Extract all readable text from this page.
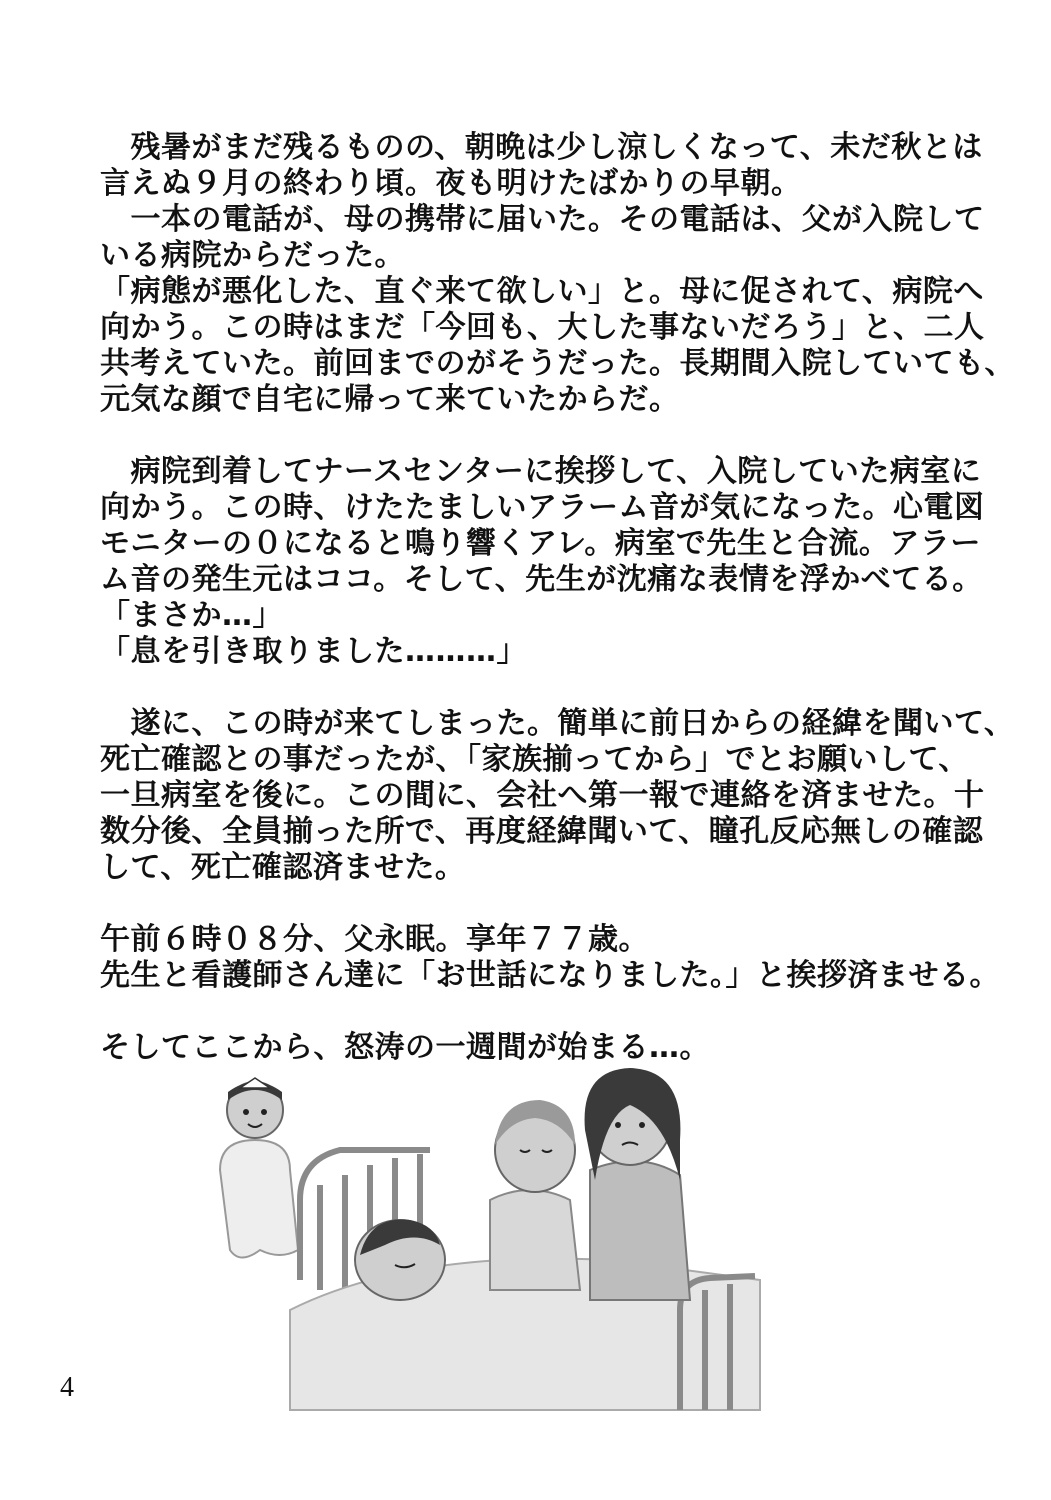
　残暑がまだ残るものの、朝晩は少し涼しくなって、未だ秋とは
言えぬ９月の終わり頃。夜も明けたばかりの早朝。
　一本の電話が、母の携帯に届いた。その電話は、父が入院して
いる病院からだった。
「病態が悪化した、直ぐ来て欲しい」と。母に促されて、病院へ
向かう。この時はまだ「今回も、大した事ないだろう」と、二人
共考えていた。前回までのがそうだった。長期間入院していても、
元気な顔で自宅に帰って来ていたからだ。
　病院到着してナースセンターに挨拶して、入院していた病室に
向かう。この時、けたたましいアラーム音が気になった。心電図
モニターの０になると鳴り響くアレ。病室で先生と合流。アラー
ム音の発生元はココ。そして、先生が沈痛な表情を浮かべてる。
「まさか…」
「息を引き取りました………」
　遂に、この時が来てしまった。簡単に前日からの経緯を聞いて、
死亡確認との事だったが、「家族揃ってから」でとお願いして、
一旦病室を後に。この間に、会社へ第一報で連絡を済ませた。十
数分後、全員揃った所で、再度経緯聞いて、瞳孔反応無しの確認
して、死亡確認済ませた。
午前６時０８分、父永眠。享年７７歳。
先生と看護師さん達に「お世話になりました。」と挨拶済ませる。
そしてここから、怒涛の一週間が始まる…。
4
